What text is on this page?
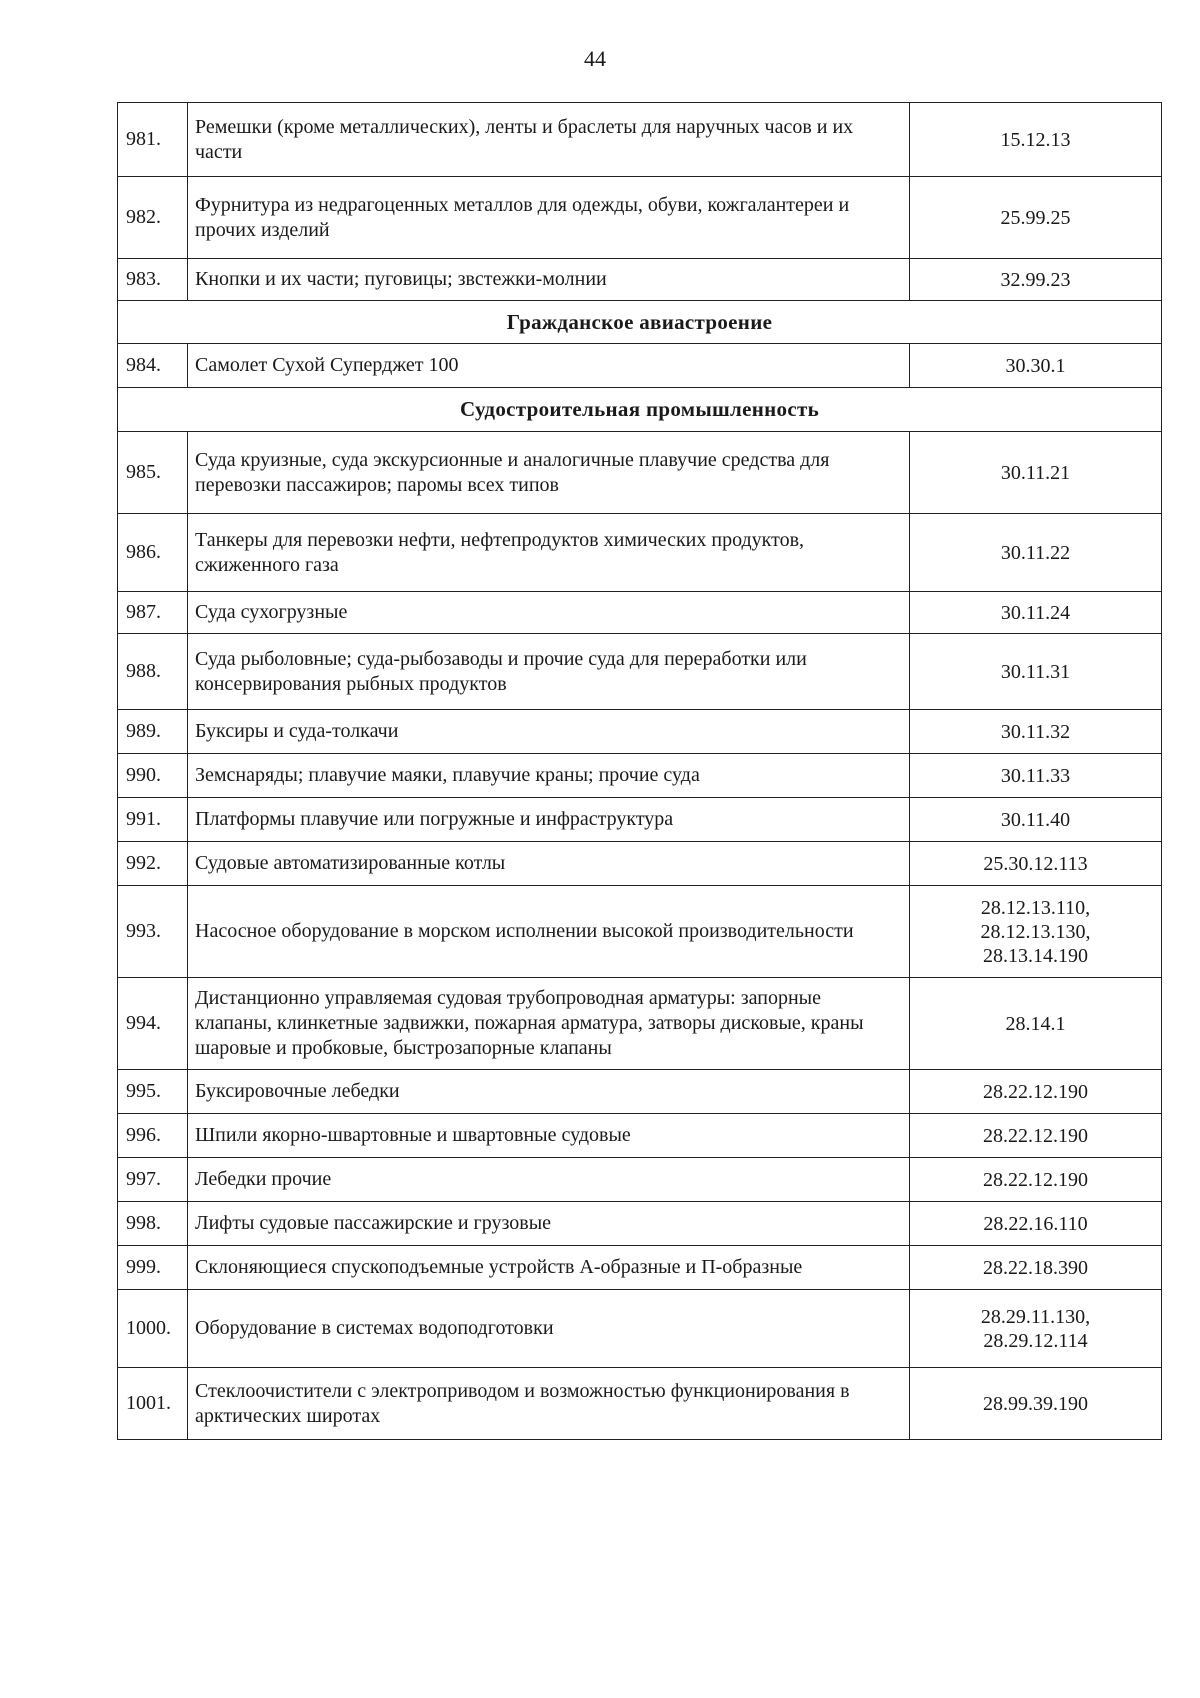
44
981.	Ремешки (кроме металлических), ленты и браслеты для наручных часов и их части	15.12.13

982.	Фурнитура из недрагоценных металлов для одежды, обуви, кожгалантереи и прочих изделий	25.99.25

983.	Кнопки и их части; пуговицы; звстежки-молнии	32.99.23

Гражданское авиастроение		
984.	Самолет Сухой Суперджет 100	30.30.1

Судостроительная промышленность		
985.	Суда круизные, суда экскурсионные и аналогичные плавучие средства для перевозки пассажиров; паромы всех типов	30.11.21

986.	Танкеры для перевозки нефти, нефтепродуктов химических продуктов, сжиженного газа	30.11.22

987.	Суда сухогрузные	30.11.24

988.	Суда рыболовные; суда-рыбозаводы и прочие суда для переработки или консервирования рыбных продуктов	30.11.31

989.	Буксиры и суда-толкачи	30.11.32

990.	Земснаряды; плавучие маяки, плавучие краны; прочие суда	30.11.33

991.	Платформы плавучие или погружные и инфраструктура	30.11.40

992.	Судовые автоматизированные котлы	25.30.12.113

993.	Насосное оборудование в морском исполнении высокой производительности	28.12.13.110,
28.12.13.130,
28.13.14.190

994.	Дистанционно управляемая судовая трубопроводная арматуры: запорные клапаны, клинкетные задвижки, пожарная арматура, затворы дисковые, краны шаровые и пробковые, быстрозапорные клапаны	28.14.1

995.	Буксировочные лебедки	28.22.12.190

996.	Шпили якорно-швартовные и швартовные судовые	28.22.12.190

997.	Лебедки прочие	28.22.12.190

998.	Лифты судовые пассажирские и грузовые	28.22.16.110

999.	Склоняющиеся спускоподъемные устройств А-образные и П-образные	28.22.18.390

1000.	Оборудование в системах водоподготовки	28.29.11.130,
28.29.12.114

1001.	Стеклоочистители с электроприводом и возможностью функционирования в арктических широтах	28.99.39.190
